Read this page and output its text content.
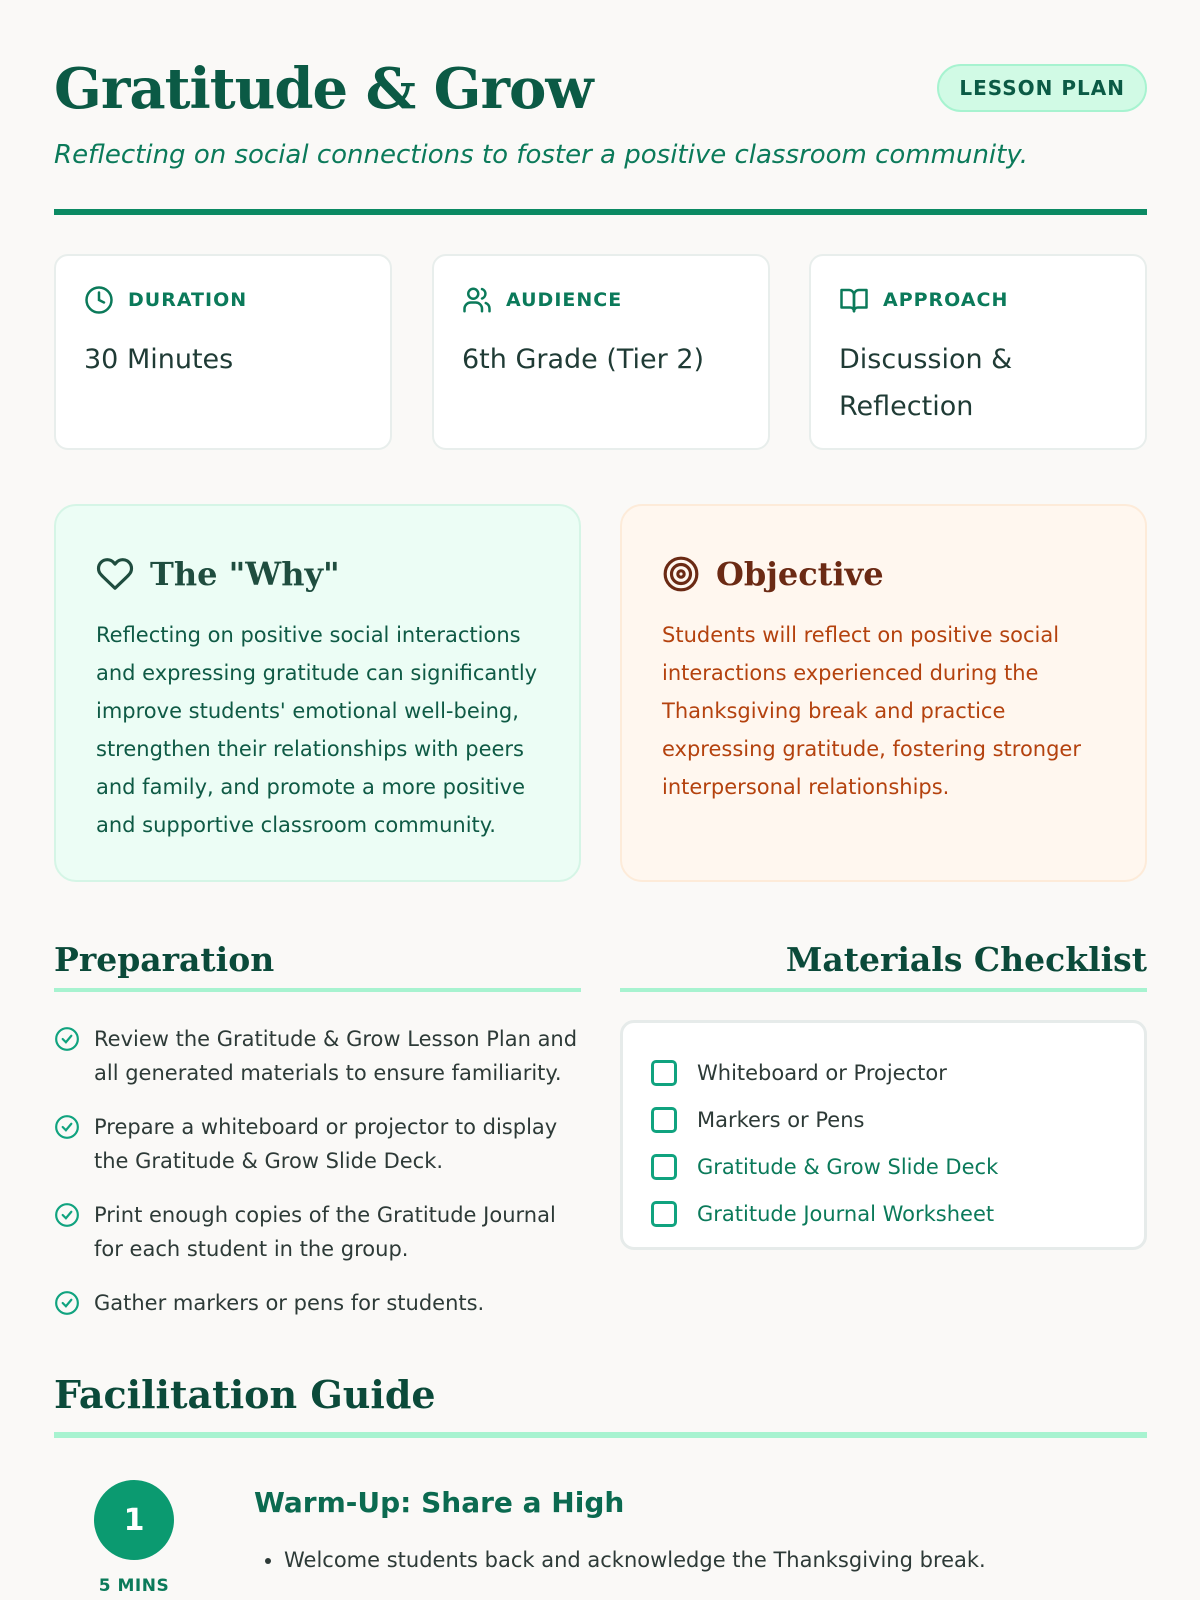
Gratitude & Grow	LESSON PLAN

Reflecting on social connections to foster a positive classroom community.

DURATION
30 Minutes
AUDIENCE
6th Grade (Tier 2)
APPROACH
Discussion & Reflection
The "Why"

Reflecting on positive social interactions and expressing gratitude can significantly improve students' emotional well-being, strengthen their relationships with peers and family, and promote a more positive and supportive classroom community.

Objective

Students will reflect on positive social interactions experienced during the Thanksgiving break and practice expressing gratitude, fostering stronger interpersonal relationships.

Preparation
Review the Gratitude & Grow Lesson Plan and all generated materials to ensure familiarity.
Prepare a whiteboard or projector to display the Gratitude & Grow Slide Deck.
Print enough copies of the Gratitude Journal for each student in the group.
Gather markers or pens for students.
Materials Checklist
Whiteboard or Projector
Markers or Pens
Gratitude & Grow Slide Deck
Gratitude Journal Worksheet
Facilitation Guide
1
5 MINS
Warm-Up: Share a High
• Welcome students back and acknowledge the Thanksgiving break.
